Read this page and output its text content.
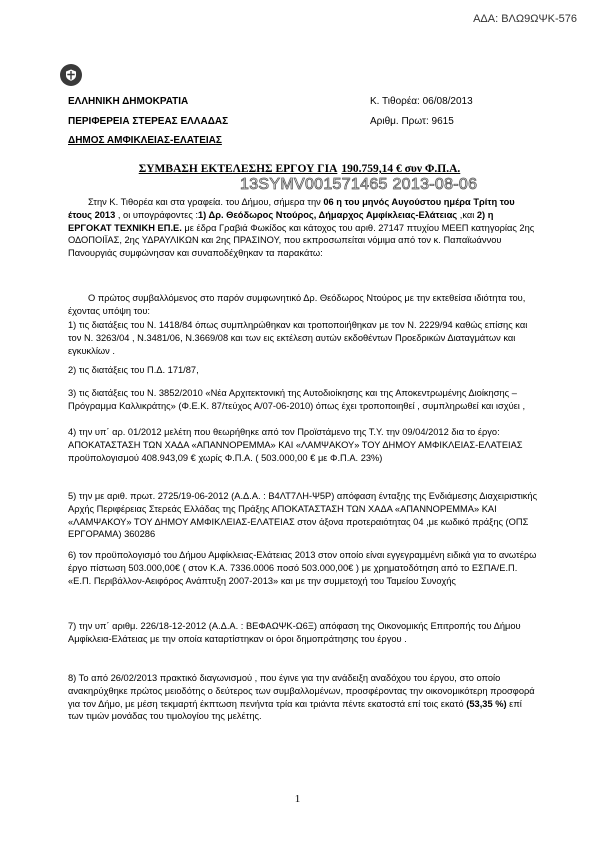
ΑΔΑ: ΒΛΩ9ΩΨΚ-576
ΕΛΛΗΝΙΚΗ ΔΗΜΟΚΡΑΤΙΑ
ΠΕΡΙΦΕΡΕΙΑ ΣΤΕΡΕΑΣ ΕΛΛΑΔΑΣ
ΔΗΜΟΣ ΑΜΦΙΚΛΕΙΑΣ-ΕΛΑΤΕΙΑΣ
Κ. Τιθορέα: 06/08/2013
Αριθμ. Πρωτ: 9615
ΣΥΜΒΑΣΗ ΕΚΤΕΛΕΣΗΣ ΕΡΓΟΥ ΓΙΑ 190.759,14 € συν Φ.Π.Α.
13SYMV001571465 2013-08-06
Στην Κ. Τιθορέα και στα γραφεία. του Δήμου, σήμερα την 06 η του μηνός Αυγούστου ημέρα Τρίτη του έτους 2013 , οι υπογράφοντες :1) Δρ. Θεόδωρος Ντούρος, Δήμαρχος Αμφίκλειας-Ελάτειας ,και 2) η ΕΡΓΟΚΑΤ ΤΕΧΝΙΚΗ ΕΠ.Ε. με έδρα Γραβιά Φωκίδος και κάτοχος του αριθ. 27147 πτυχίου ΜΕΕΠ κατηγορίας 2ης ΟΔΟΠΟΙΪΑΣ, 2ης ΥΔΡΑΥΛΙΚΩΝ και 2ης ΠΡΑΣΙΝΟΥ, που εκπροσωπείται νόμιμα από τον κ. Παπαϊωάννου Πανουργιάς συμφώνησαν και συναποδέχθηκαν τα παρακάτω:
Ο πρώτος συμβαλλόμενος στο παρόν συμφωνητικό Δρ. Θεόδωρος Ντούρος με την εκτεθείσα ιδιότητα του, έχοντας υπόψη του:
1) τις διατάξεις του Ν. 1418/84 όπως συμπληρώθηκαν και τροποποιήθηκαν με τον Ν. 2229/94 καθώς επίσης και τον Ν. 3263/04 , Ν.3481/06, Ν.3669/08 και των εις εκτέλεση αυτών εκδοθέντων Προεδρικών Διαταγμάτων και εγκυκλίων .
2) τις διατάξεις του Π.Δ. 171/87,
3) τις διατάξεις του Ν. 3852/2010 «Νέα Αρχιτεκτονική της Αυτοδιοίκησης και της Αποκεντρωμένης Διοίκησης – Πρόγραμμα Καλλικράτης» (Φ.Ε.Κ. 87/τεύχος Α/07-06-2010) όπως έχει τροποποιηθεί , συμπληρωθεί και ισχύει ,
4) την υπ΄ αρ. 01/2012 μελέτη που θεωρήθηκε από τον Προϊστάμενο της Τ.Υ. την 09/04/2012 δια το έργο: ΑΠΟΚΑΤΑΣΤΑΣΗ ΤΩΝ ΧΑΔΑ «ΑΠΑΝΝΟΡΕΜΜΑ» ΚΑΙ «ΛΑΜΨΑΚΟΥ» ΤΟΥ ΔΗΜΟΥ ΑΜΦΙΚΛΕΙΑΣ-ΕΛΑΤΕΙΑΣ προϋπολογισμού 408.943,09 € χωρίς Φ.Π.Α. ( 503.000,00 € με Φ.Π.Α. 23%)
5) την με αριθ. πρωτ. 2725/19-06-2012 (Α.Δ.Α. : Β4ΛΤ7ΛΗ-Ψ5Ρ) απόφαση ένταξης της Ενδιάμεσης Διαχειριστικής Αρχής Περιφέρειας Στερεάς Ελλάδας της Πράξης ΑΠΟΚΑΤΑΣΤΑΣΗ ΤΩΝ ΧΑΔΑ «ΑΠΑΝΝΟΡΕΜΜΑ» ΚΑΙ «ΛΑΜΨΑΚΟΥ» ΤΟΥ ΔΗΜΟΥ ΑΜΦΙΚΛΕΙΑΣ-ΕΛΑΤΕΙΑΣ στον άξονα προτεραιότητας 04 ,με κωδικό πράξης (ΟΠΣ ΕΡΓΟΡΑΜΑ) 360286
6) τον προϋπολογισμό του Δήμου Αμφίκλειας-Ελάτειας 2013 στον οποίο είναι εγγεγραμμένη ειδικά για το ανωτέρω έργο πίστωση 503.000,00€ ( στον Κ.Α. 7336.0006 ποσό 503.000,00€ ) με χρηματοδότηση από το ΕΣΠΑ/Ε.Π. «Ε.Π. Περιβάλλον-Αειφόρος Ανάπτυξη 2007-2013» και με την συμμετοχή του Ταμείου Συνοχής
7) την υπ΄ αριθμ. 226/18-12-2012 (Α.Δ.Α. : ΒΕΦΑΩΨΚ-Ω6Ξ) απόφαση της Οικονομικής Επιτροπής του Δήμου Αμφίκλεια-Ελάτειας με την οποία καταρτίστηκαν οι όροι δημοπράτησης του έργου .
8) Το από 26/02/2013 πρακτικό διαγωνισμού , που έγινε για την ανάδειξη αναδόχου του έργου, στο οποίο ανακηρύχθηκε πρώτος μειοδότης ο δεύτερος των συμβαλλομένων, προσφέροντας την οικονομικότερη προσφορά για τον Δήμο, με μέση τεκμαρτή έκπτωση πενήντα τρία και τριάντα πέντε εκατοστά επί τοις εκατό (53,35 %) επί των τιμών μονάδας του τιμολογίου της μελέτης.
1
